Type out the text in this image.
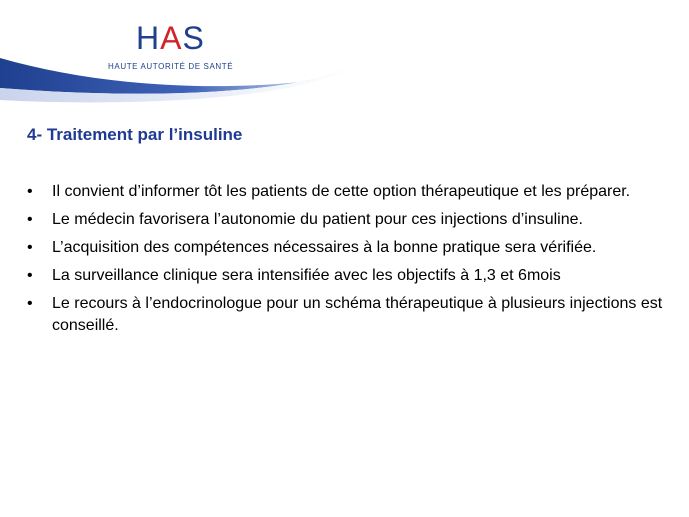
HAS
HAUTE AUTORITÉ DE SANTÉ
4- Traitement par l’insuline
•	Il convient d’informer tôt les patients de cette option thérapeutique et les préparer.
•	Le médecin favorisera l’autonomie du patient pour ces injections d’insuline.
•	L’acquisition des compétences nécessaires à la bonne pratique sera vérifiée.
•	La surveillance clinique sera intensifiée avec les objectifs à 1,3 et 6mois
•	Le recours à l’endocrinologue pour un schéma thérapeutique à plusieurs injections est conseillé.
